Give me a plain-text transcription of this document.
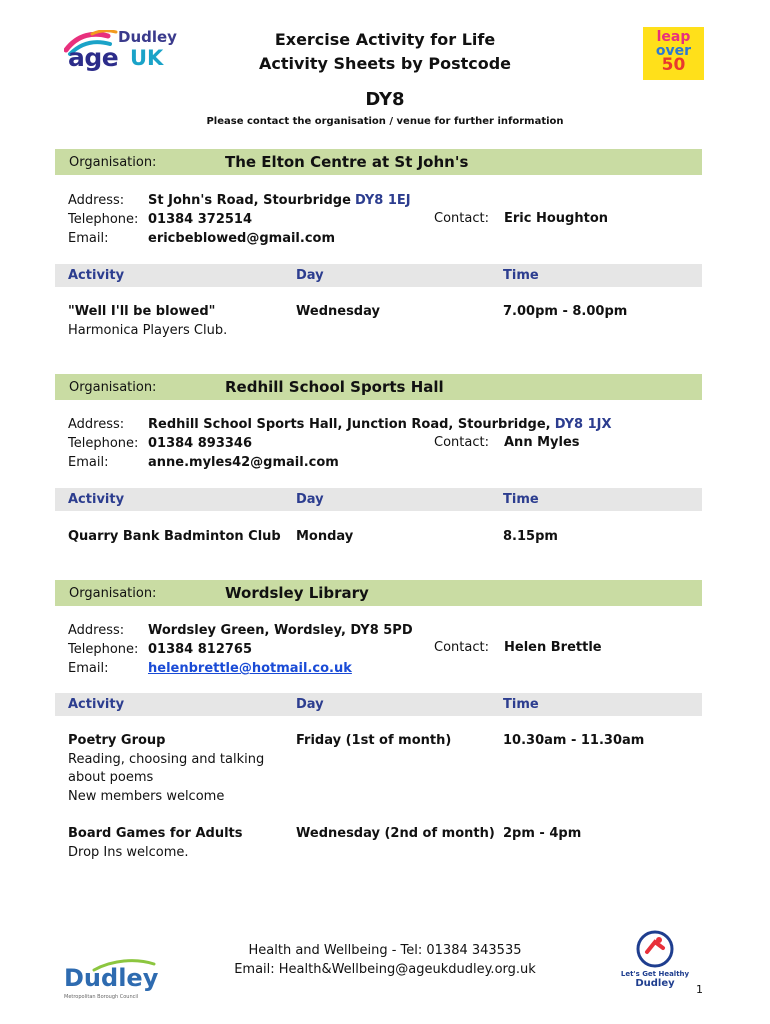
Dudley
age UK
leap
over
50
Exercise Activity for Life
Activity Sheets by Postcode
DY8
Please contact the organisation / venue for further information
Organisation:	The Elton Centre at St John's
Address: St John's Road, Stourbridge DY8 1EJ
Telephone: 01384 372514
Email:	ericbeblowed@gmail.com
Contact: Eric Houghton
Activity	Day	Time
"Well I'll be blowed"
Harmonica Players Club.
Wednesday	7.00pm - 8.00pm
Organisation:	Redhill School Sports Hall
Address: Redhill School Sports Hall, Junction Road, Stourbridge, DY8 1JX
Telephone: 01384 893346
Email:	anne.myles42@gmail.com
Contact: Ann Myles
Activity	Day	Time
Quarry Bank Badminton Club Monday	8.15pm
Organisation:	Wordsley Library
Address: Wordsley Green, Wordsley, DY8 5PD
Telephone: 01384 812765
Email:	helenbrettle@hotmail.co.uk
Contact: Helen Brettle
Activity	Day	Time
Poetry Group
Reading, choosing and talking
about poems
New members welcome
Friday (1st of month)	10.30am - 11.30am
Board Games for Adults
Drop Ins welcome.
Wednesday (2nd of month) 2pm - 4pm
Health and Wellbeing - Tel: 01384 343535
Email: Health&Wellbeing@ageukdudley.org.uk
Dudley
Metropolitan Borough Council
Let's Get Healthy
Dudley	1
